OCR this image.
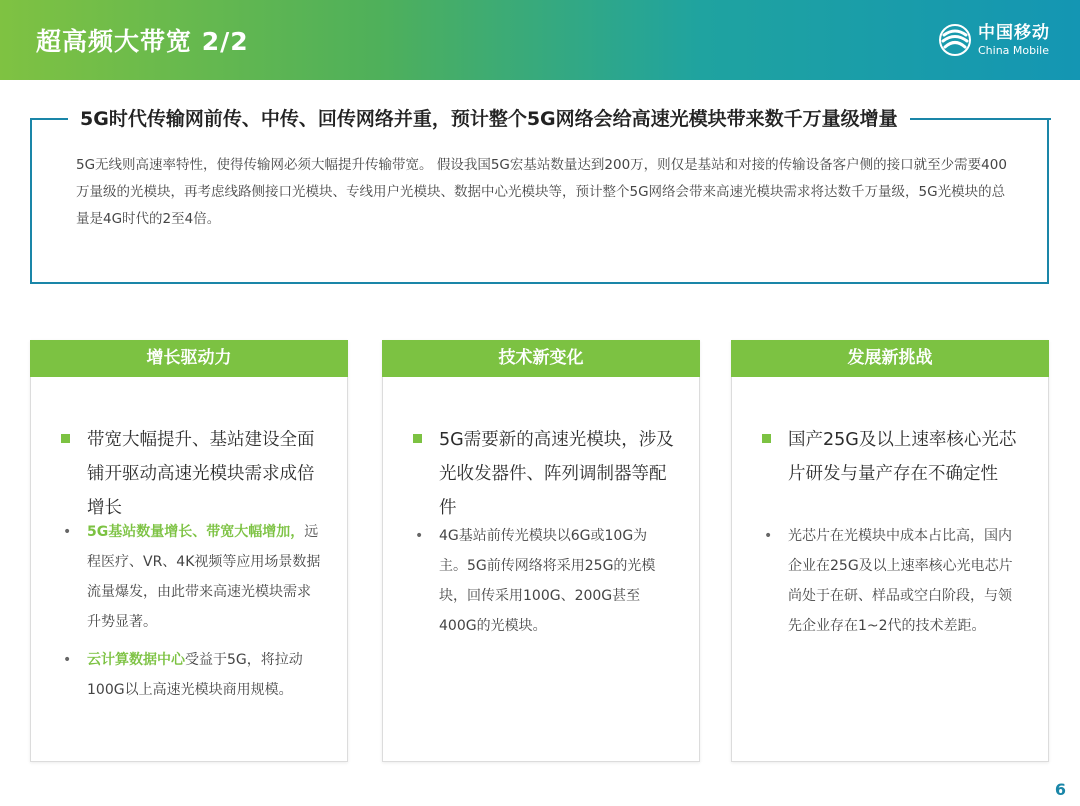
超高频大带宽 2/2	中国移动
China Mobile
5G时代传输网前传、中传、回传网络并重，预计整个5G网络会给高速光模块带来数千万量级增量
5G无线则高速率特性，使得传输网必须大幅提升传输带宽。 假设我国5G宏基站数量达到200万，则仅是基站和对接的传输设备客户侧的接口就至少需要400万量级的光模块，再考虑线路侧接口光模块、专线用户光模块、数据中心光模块等，预计整个5G网络会带来高速光模块需求将达数千万量级，5G光模块的总量是4G时代的2至4倍。
增长驱动力
带宽大幅提升、基站建设全面铺开驱动高速光模块需求成倍增长
• 5G基站数量增长、带宽大幅增加，远程医疗、VR、4K视频等应用场景数据流量爆发，由此带来高速光模块需求升势显著。
• 云计算数据中心受益于5G，将拉动100G以上高速光模块商用规模。
技术新变化
5G需要新的高速光模块，涉及光收发器件、阵列调制器等配件
• 4G基站前传光模块以6G或10G为主。5G前传网络将采用25G的光模块，回传采用100G、200G甚至400G的光模块。
发展新挑战
国产25G及以上速率核心光芯片研发与量产存在不确定性
• 光芯片在光模块中成本占比高，国内企业在25G及以上速率核心光电芯片尚处于在研、样品或空白阶段，与领先企业存在1~2代的技术差距。
6
